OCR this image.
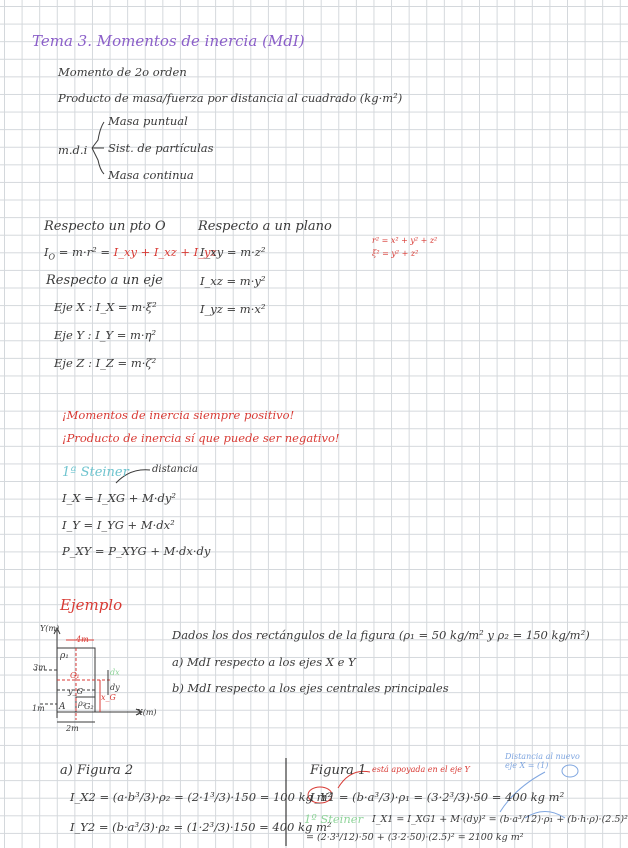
Tema 3. Momentos de inercia (MdI)
Momento de 2o orden
Producto de masa/fuerza por distancia al cuadrado (kg·m²)
m.d.i
Masa puntual
Sist. de partículas
Masa continua
Respecto un pto O
$I_O = m\cdot r^2$ = I_xy + I_xz + I_yz
Respecto a un plano
I_xy = m·z²
I_xz = m·y²
I_yz = m·x²
r² = x² + y² + z²
ξ² = y² + z²
Respecto a un eje
Eje X : I_X = m·ξ²
Eje Y : I_Y = m·η²
Eje Z : I_Z = m·ζ²
¡Momentos de inercia siempre positivo!
¡Producto de inercia sí que puede ser negativo!
1ª Steiner distancia
I_X = I_XG + M·dy²
I_Y = I_YG + M·dx²
P_XY = P_XYG + M·dx·dy
Ejemplo
Dados los dos rectángulos de la figura (ρ₁ = 50 kg/m² y ρ₂ = 150 kg/m²)
a) MdI respecto a los ejes X e Y
b) MdI respecto a los ejes centrales principales
Y(m)
X(m)
3m
1m
2m
4m
ρ₁
ρ₂
A
G₁
G₂
dy
dx
x_G
y_G
a) Figura 2
I_X2 = (a·b³/3)·ρ₂ = (2·1³/3)·150 = 100 kg m²
I_Y2 = (b·a³/3)·ρ₂ = (1·2³/3)·150 = 400 kg m²
Figura 1 está apoyada en el eje Y
I_Y1 = (b·a³/3)·ρ₁ = (3·2³/3)·50 = 400 kg m²
1º Steiner I_X1 = I_XG1 + M·(dy)² = (b·a³/12)·ρ₁ + (b·h·ρ)·(2.5)²
= (2·3³/12)·50 + (3·2·50)·(2.5)² = 2100 kg m²
Distancia al nuevo eje X = (1)
